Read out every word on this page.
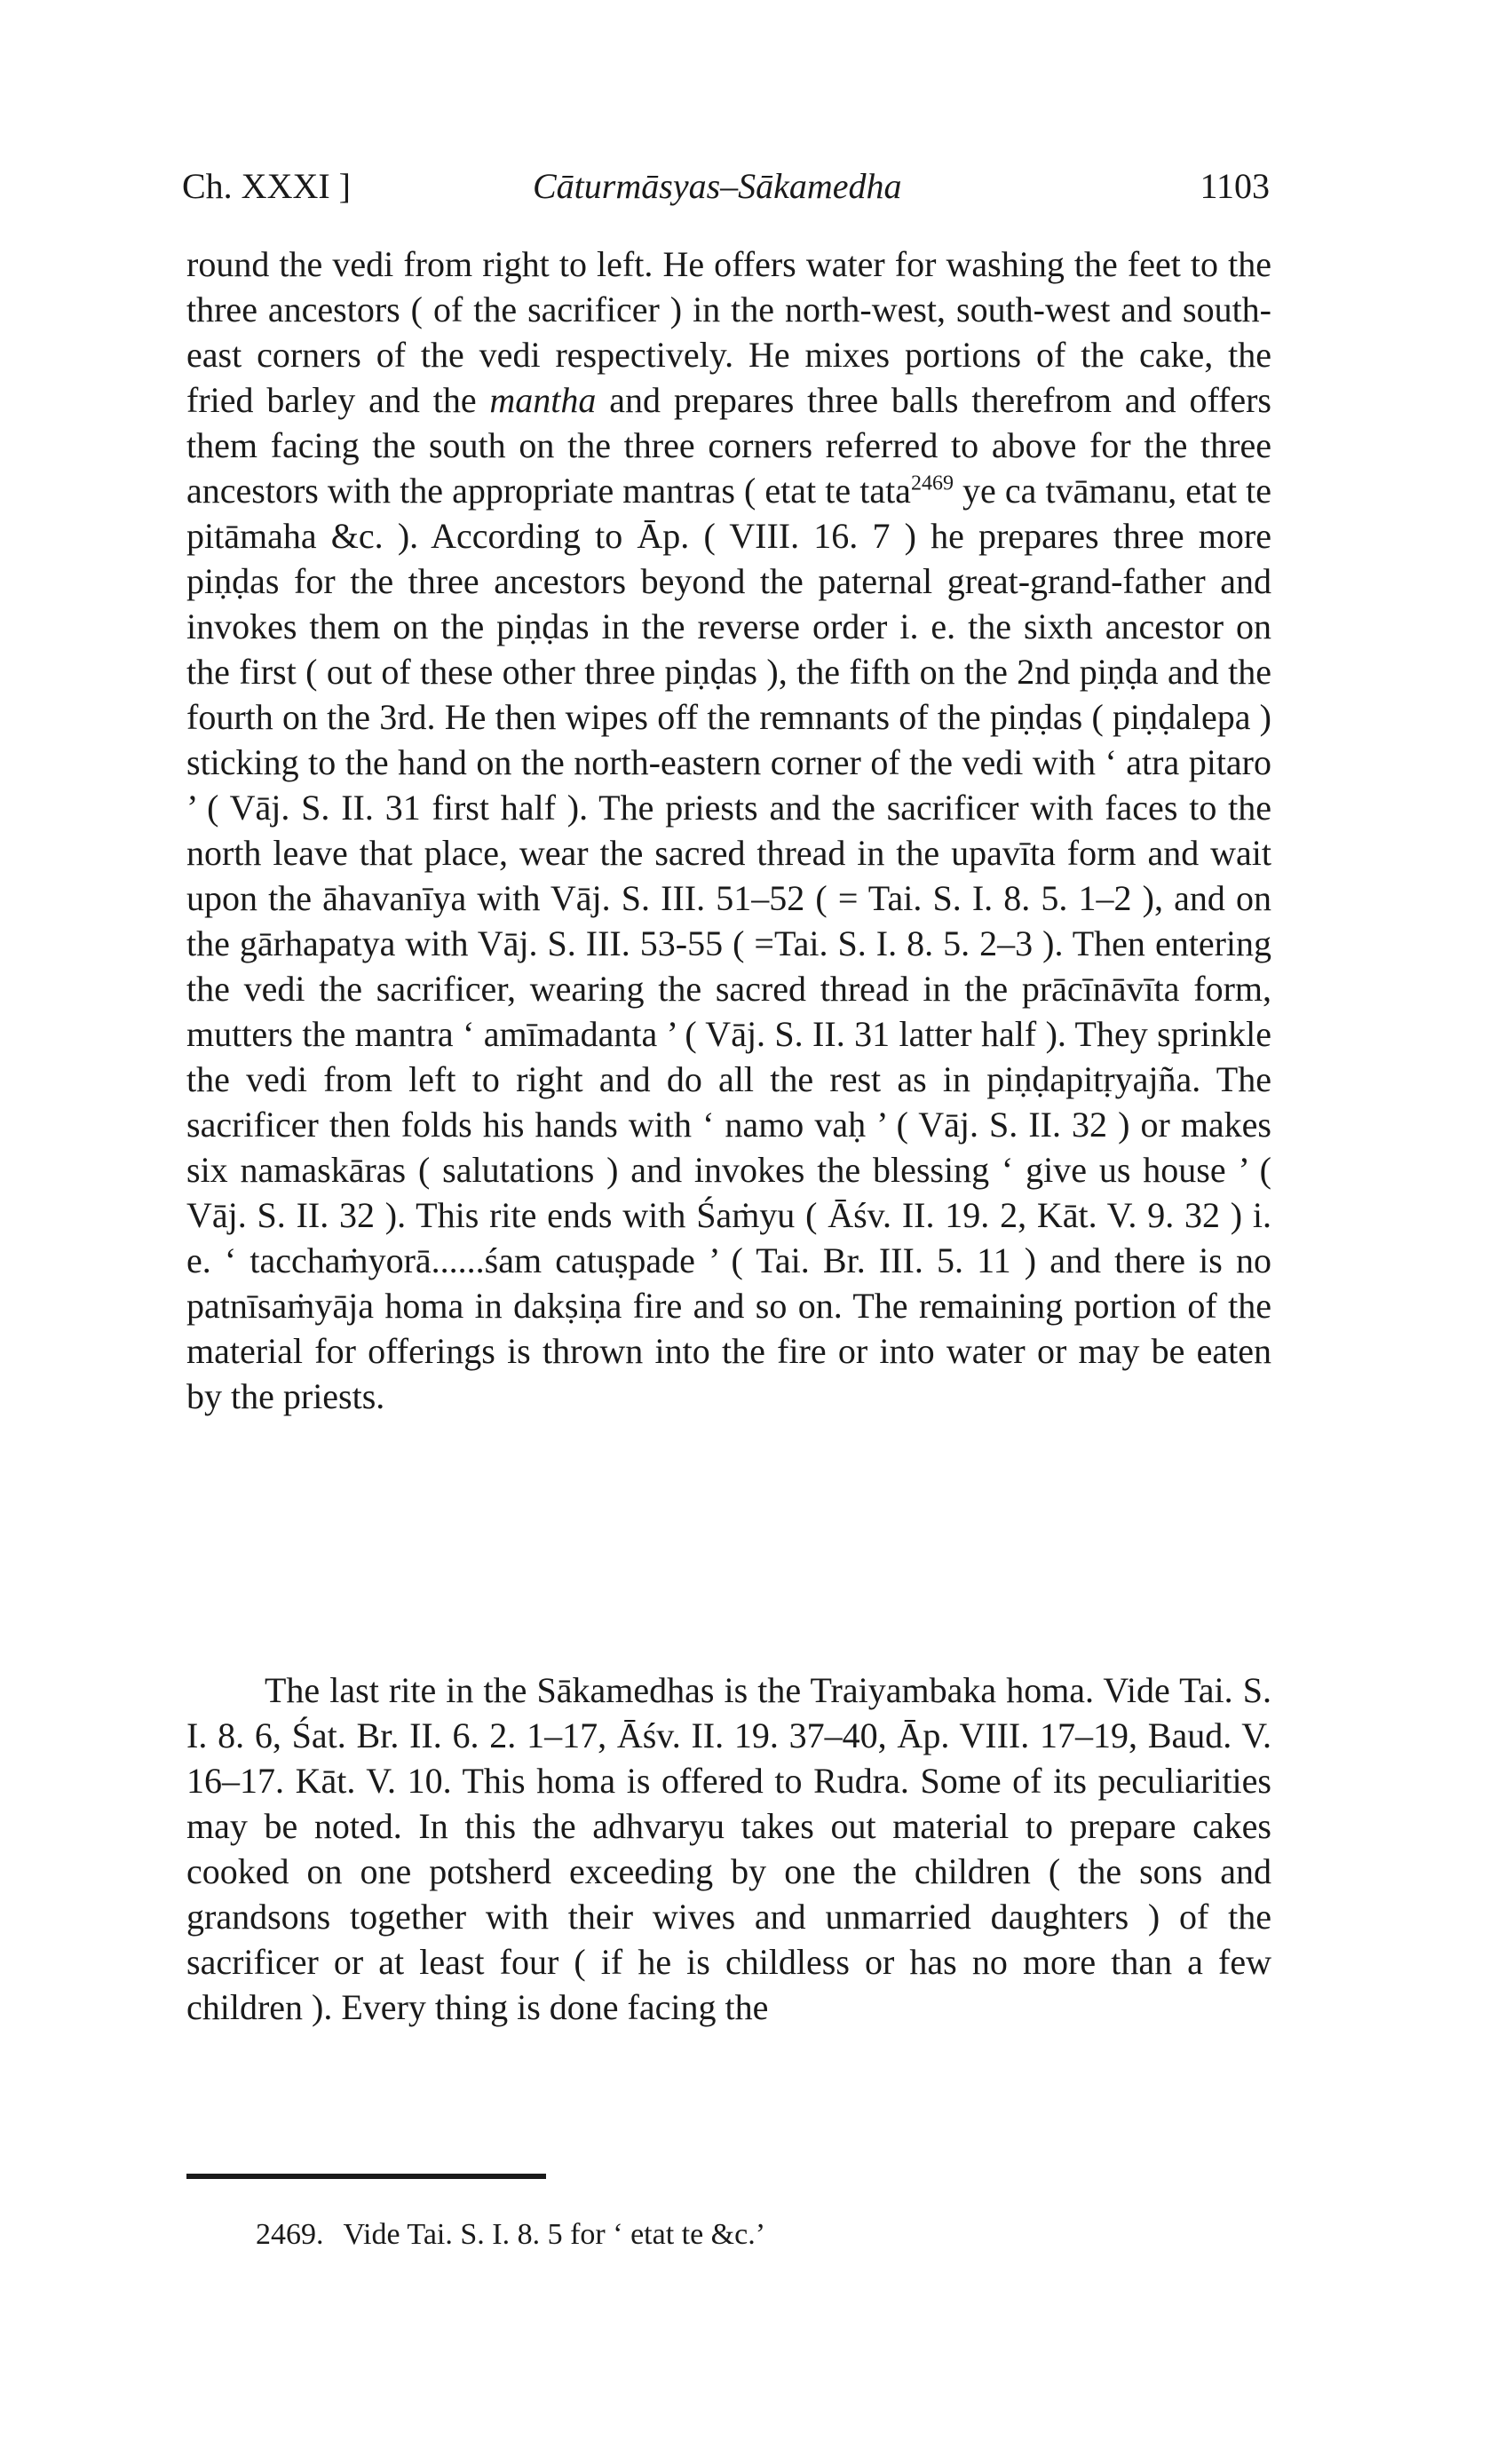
Ch. XXXI ]	Cāturmāsyas–Sākamedha	1103

round the vedi from right to left. He offers water for washing the feet to the three ancestors ( of the sacrificer ) in the north-west, south-west and south-east corners of the vedi respectively. He mixes portions of the cake, the fried barley and the mantha and prepares three balls therefrom and offers them facing the south on the three corners referred to above for the three ancestors with the appropriate mantras ( etat te tata$^{2469}$ ye ca tvāmanu, etat te pitāmaha &c. ). According to Āp. ( VIII. 16. 7 ) he prepares three more piṇḍas for the three ancestors beyond the paternal great-grand-father and invokes them on the piṇḍas in the reverse order i. e. the sixth ancestor on the first ( out of these other three piṇḍas ), the fifth on the 2nd piṇḍa and the fourth on the 3rd. He then wipes off the remnants of the piṇḍas ( piṇḍalepa ) sticking to the hand on the north-eastern corner of the vedi with ‘ atra pitaro ’ ( Vāj. S. II. 31 first half ). The priests and the sacrificer with faces to the north leave that place, wear the sacred thread in the upavīta form and wait upon the āhavanīya with Vāj. S. III. 51–52 ( = Tai. S. I. 8. 5. 1–2 ), and on the gārhapatya with Vāj. S. III. 53-55 ( =Tai. S. I. 8. 5. 2–3 ). Then entering the vedi the sacrificer, wearing the sacred thread in the prācīnāvīta form, mutters the mantra ‘ amīmadanta ’ ( Vāj. S. II. 31 latter half ). They sprinkle the vedi from left to right and do all the rest as in piṇḍapitṛyajña. The sacrificer then folds his hands with ‘ namo vaḥ ’ ( Vāj. S. II. 32 ) or makes six namaskāras ( salutations ) and invokes the blessing ‘ give us house ’ ( Vāj. S. II. 32 ). This rite ends with Śaṁyu ( Āśv. II. 19. 2, Kāt. V. 9. 32 ) i. e. ‘ tacchaṁyorā......śam catuṣpade ’ ( Tai. Br. III. 5. 11 ) and there is no patnīsaṁyāja homa in dakṣiṇa fire and so on. The remaining portion of the material for offerings is thrown into the fire or into water or may be eaten by the priests.

The last rite in the Sākamedhas is the Traiyambaka homa. Vide Tai. S. I. 8. 6, Śat. Br. II. 6. 2. 1–17, Āśv. II. 19. 37–40, Āp. VIII. 17–19, Baud. V. 16–17. Kāt. V. 10. This homa is offered to Rudra. Some of its peculiarities may be noted. In this the adhvaryu takes out material to prepare cakes cooked on one potsherd exceeding by one the children ( the sons and grandsons together with their wives and unmarried daughters ) of the sacrificer or at least four ( if he is childless or has no more than a few children ). Every thing is done facing the

2469. Vide Tai. S. I. 8. 5 for ‘ etat te &c.’
